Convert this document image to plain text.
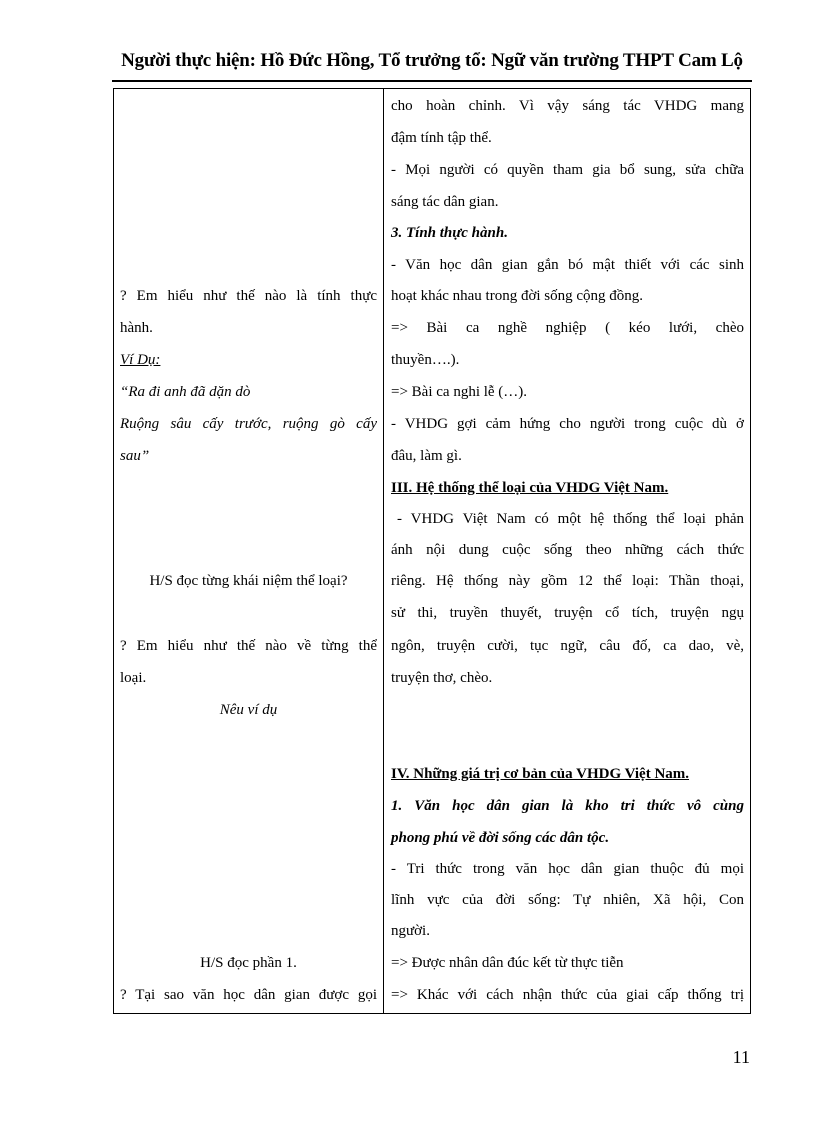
Người thực hiện: Hồ Đức Hồng, Tổ trưởng tổ: Ngữ văn trường THPT Cam Lộ
? Em hiểu như thế nào là tính thực
hành.
Ví Dụ:
“Ra đi anh đã dặn dò
Ruộng sâu cấy trước, ruộng gò cấy
sau”
H/S đọc từng khái niệm thể loại?
? Em hiểu như thế nào về từng thể
loại.
Nêu ví dụ
H/S đọc phần 1.
? Tại sao văn học dân gian được gọi
cho hoàn chỉnh. Vì vậy sáng tác VHDG mang
đậm tính tập thể.
- Mọi người có quyền tham gia bổ sung, sửa chữa
sáng tác dân gian.
3. Tính thực hành.
- Văn học dân gian gắn bó mật thiết với các sinh
hoạt khác nhau trong đời sống cộng đồng.
=> Bài ca nghề nghiệp ( kéo lưới, chèo
thuyền….).
=> Bài ca nghi lễ (…).
- VHDG gợi cảm hứng cho người trong cuộc dù ở
đâu, làm gì.
III. Hệ thống thể loại của VHDG Việt Nam.
- VHDG Việt Nam có một hệ thống thể loại phản
ánh nội dung cuộc sống theo những cách thức
riêng. Hệ thống này gồm 12 thể loại: Thần thoại,
sử thi, truyền thuyết, truyện cổ tích, truyện ngụ
ngôn, truyện cười, tục ngữ, câu đố, ca dao, vè,
truyện thơ, chèo.
IV. Những giá trị cơ bản của VHDG Việt Nam.
1. Văn học dân gian là kho tri thức vô cùng
phong phú về đời sống các dân tộc.
- Tri thức trong văn học dân gian thuộc đủ mọi
lĩnh vực của đời sống: Tự nhiên, Xã hội, Con
người.
=> Được nhân dân đúc kết từ thực tiễn
=> Khác với cách nhận thức của giai cấp thống trị
11
